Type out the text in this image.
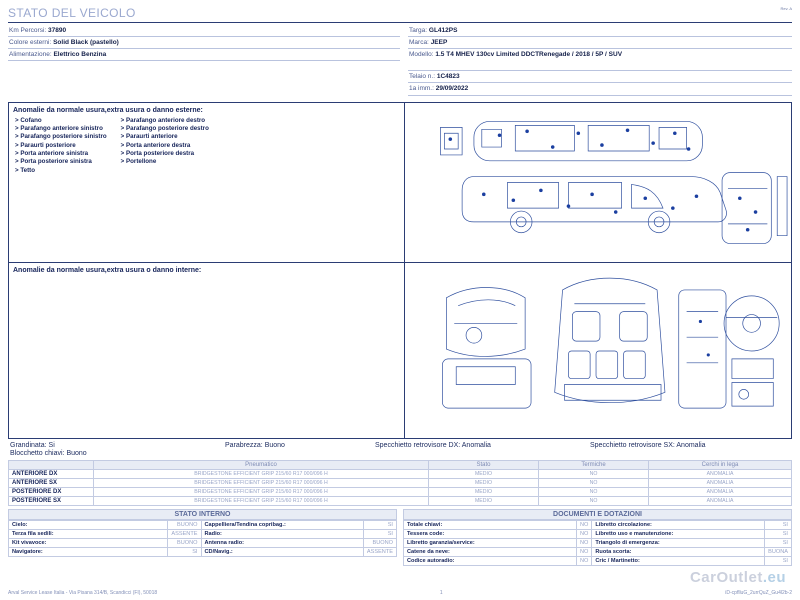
Rev. A
STATO DEL VEICOLO
Km Percorsi: 37890
Colore esterni: Solid Black (pastello)
Alimentazione: Elettrico Benzina
Targa: GL412PS
Marca: JEEP
Modello: 1.5 T4 MHEV 130cv Limited DDCTRenegade / 2018 / 5P / SUV
Telaio n.: 1C4823
1a imm.: 29/09/2022
Anomalie da normale usura,extra usura o danno esterne:
> Cofano
> Parafango anteriore sinistro
> Parafango posteriore sinistro
> Paraurti posteriore
> Porta anteriore sinistra
> Porta posteriore sinistra
> Tetto
> Parafango anteriore destro
> Parafango posteriore destro
> Paraurti anteriore
> Porta anteriore destra
> Porta posteriore destra
> Portellone
Anomalie da normale usura,extra usura o danno interne:
Grandinata: Si	Parabrezza: Buono	Specchietto retrovisore DX: Anomalia	Specchietto retrovisore SX: Anomalia
Blocchetto chiavi: Buono
	Pneumatico	Stato	Termiche	Cerchi in lega
ANTERIORE DX	BRIDGESTONE EFFICIENT GRIP 215/60 R17 000/096 H	MEDIO	NO	ANOMALIA
ANTERIORE SX	BRIDGESTONE EFFICIENT GRIP 215/60 R17 000/096 H	MEDIO	NO	ANOMALIA
POSTERIORE DX	BRIDGESTONE EFFICIENT GRIP 215/60 R17 000/096 H	MEDIO	NO	ANOMALIA
POSTERIORE SX	BRIDGESTONE EFFICIENT GRIP 215/60 R17 000/096 H	MEDIO	NO	ANOMALIA
STATO INTERNO
Cielo:	BUONO	Cappelliera/Tendina copribag.:	SI
Terza fila sedili:	ASSENTE	Radio:	SI
Kit vivavoce:	BUONO	Antenna radio:	BUONO
Navigatore:	SI	CD/Navig.:	ASSENTE
DOCUMENTI E DOTAZIONI
Totale chiavi:	NO	Libretto circolazione:	SI
Tessera code:	NO	Libretto uso e manutenzione:	SI
Libretto garanzia/service:	NO	Triangolo di emergenza:	SI
Catene da neve:	NO	Ruota scorta:	BUONA
Codice autoradio:	NO	Cric / Martinetto:	SI
CarOutlet.eu
Arval Service Lease Italia - Via Pisana 314/B, Scandicci (FI), 50018	1	iD-cpflluG_2urrQuZ_Gu4l2b-2
